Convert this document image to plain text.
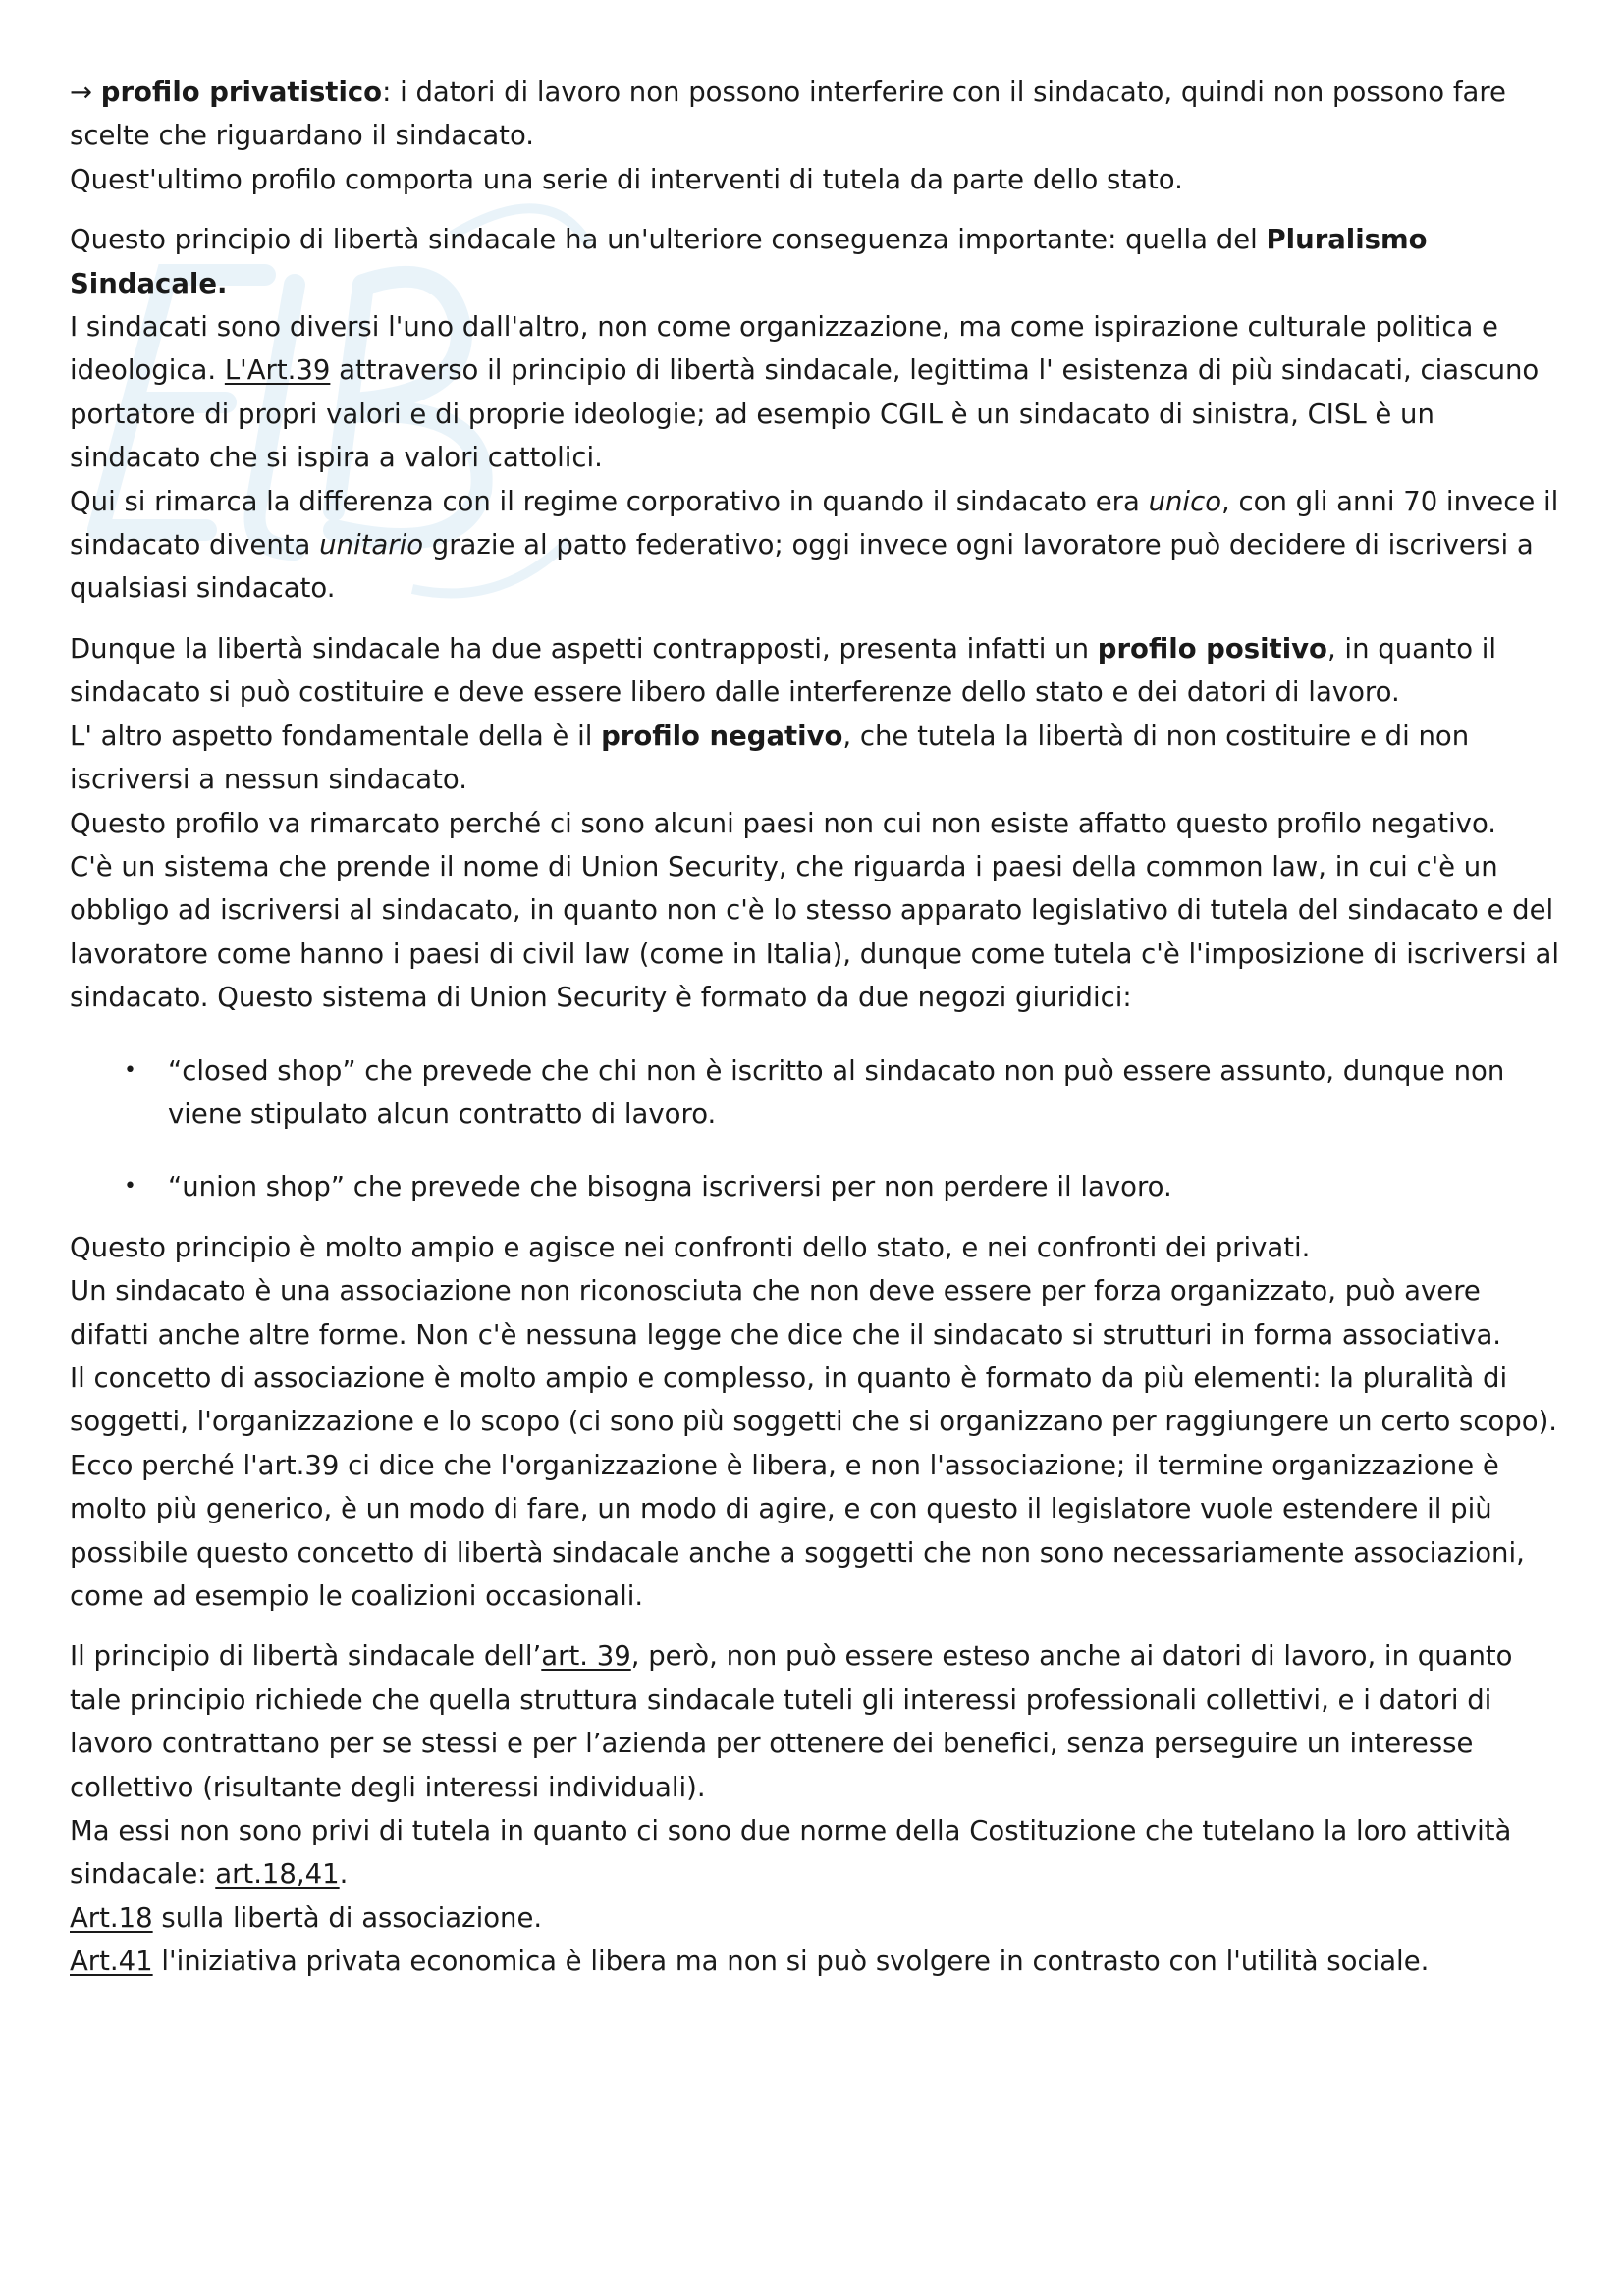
→ profilo privatistico: i datori di lavoro non possono interferire con il sindacato, quindi non possono fare scelte che riguardano il sindacato.

Quest'ultimo profilo comporta una serie di interventi di tutela da parte dello stato.

Questo principio di libertà sindacale ha un'ulteriore conseguenza importante: quella del Pluralismo Sindacale.

I sindacati sono diversi l'uno dall'altro, non come organizzazione, ma come ispirazione culturale politica e ideologica. L'Art.39 attraverso il principio di libertà sindacale, legittima l' esistenza di più sindacati, ciascuno portatore di propri valori e di proprie ideologie; ad esempio CGIL è un sindacato di sinistra, CISL è un sindacato che si ispira a valori cattolici.

Qui si rimarca la differenza con il regime corporativo in quando il sindacato era unico, con gli anni 70 invece il sindacato diventa unitario grazie al patto federativo; oggi invece ogni lavoratore può decidere di iscriversi a qualsiasi sindacato.

Dunque la libertà sindacale ha due aspetti contrapposti, presenta infatti un profilo positivo, in quanto il sindacato si può costituire e deve essere libero dalle interferenze dello stato e dei datori di lavoro.

L' altro aspetto fondamentale della è il profilo negativo, che tutela la libertà di non costituire e di non iscriversi a nessun sindacato.

Questo profilo va rimarcato perché ci sono alcuni paesi non cui non esiste affatto questo profilo negativo.

C'è un sistema che prende il nome di Union Security, che riguarda i paesi della common law, in cui c'è un obbligo ad iscriversi al sindacato, in quanto non c'è lo stesso apparato legislativo di tutela del sindacato e del lavoratore come hanno i paesi di civil law (come in Italia), dunque come tutela c'è l'imposizione di iscriversi al sindacato. Questo sistema di Union Security è formato da due negozi giuridici:

• “closed shop” che prevede che chi non è iscritto al sindacato non può essere assunto, dunque non viene stipulato alcun contratto di lavoro.
• “union shop” che prevede che bisogna iscriversi per non perdere il lavoro.

Questo principio è molto ampio e agisce nei confronti dello stato, e nei confronti dei privati.

Un sindacato è una associazione non riconosciuta che non deve essere per forza organizzato, può avere difatti anche altre forme. Non c'è nessuna legge che dice che il sindacato si strutturi in forma associativa.

Il concetto di associazione è molto ampio e complesso, in quanto è formato da più elementi: la pluralità di soggetti, l'organizzazione e lo scopo (ci sono più soggetti che si organizzano per raggiungere un certo scopo).

Ecco perché l'art.39 ci dice che l'organizzazione è libera, e non l'associazione; il termine organizzazione è molto più generico, è un modo di fare, un modo di agire, e con questo il legislatore vuole estendere il più possibile questo concetto di libertà sindacale anche a soggetti che non sono necessariamente associazioni, come ad esempio le coalizioni occasionali.

Il principio di libertà sindacale dell’art. 39, però, non può essere esteso anche ai datori di lavoro, in quanto tale principio richiede che quella struttura sindacale tuteli gli interessi professionali collettivi, e i datori di lavoro contrattano per se stessi e per l’azienda per ottenere dei benefici, senza perseguire un interesse collettivo (risultante degli interessi individuali).

Ma essi non sono privi di tutela in quanto ci sono due norme della Costituzione che tutelano la loro attività sindacale: art.18,41.

Art.18 sulla libertà di associazione.

Art.41 l'iniziativa privata economica è libera ma non si può svolgere in contrasto con l'utilità sociale.
